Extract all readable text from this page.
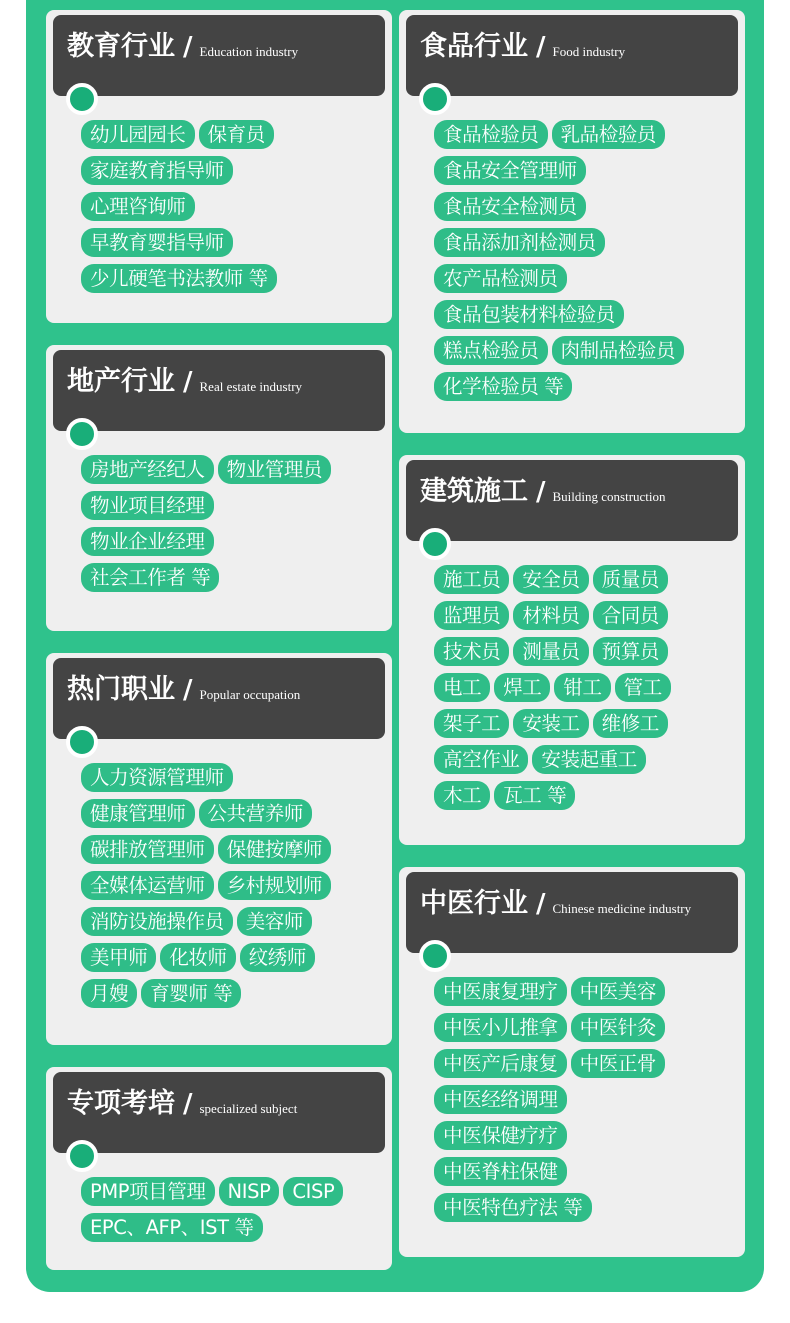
教育行业 / Education industry
幼儿园园长	保育员
家庭教育指导师
心理咨询师
早教育婴指导师
少儿硬笔书法教师 等
地产行业 / Real estate industry
房地产经纪人	物业管理员
物业项目经理
物业企业经理
社会工作者 等
热门职业 / Popular occupation
人力资源管理师
健康管理师	公共营养师
碳排放管理师	保健按摩师
全媒体运营师	乡村规划师
消防设施操作员	美容师
美甲师	化妆师	纹绣师
月嫂	育婴师 等
专项考培 / specialized subject
PMP项目管理	NISP	CISP
EPC、AFP、IST 等
食品行业 / Food industry
食品检验员	乳品检验员
食品安全管理师
食品安全检测员
食品添加剂检测员
农产品检测员
食品包装材料检验员
糕点检验员	肉制品检验员
化学检验员 等
建筑施工 / Building construction
施工员	安全员	质量员
监理员	材料员	合同员
技术员	测量员	预算员
电工	焊工	钳工	管工
架子工	安装工	维修工
高空作业	安装起重工
木工	瓦工 等
中医行业 / Chinese medicine industry
中医康复理疗	中医美容
中医小儿推拿	中医针灸
中医产后康复	中医正骨
中医经络调理
中医保健疗疗
中医脊柱保健
中医特色疗法 等
